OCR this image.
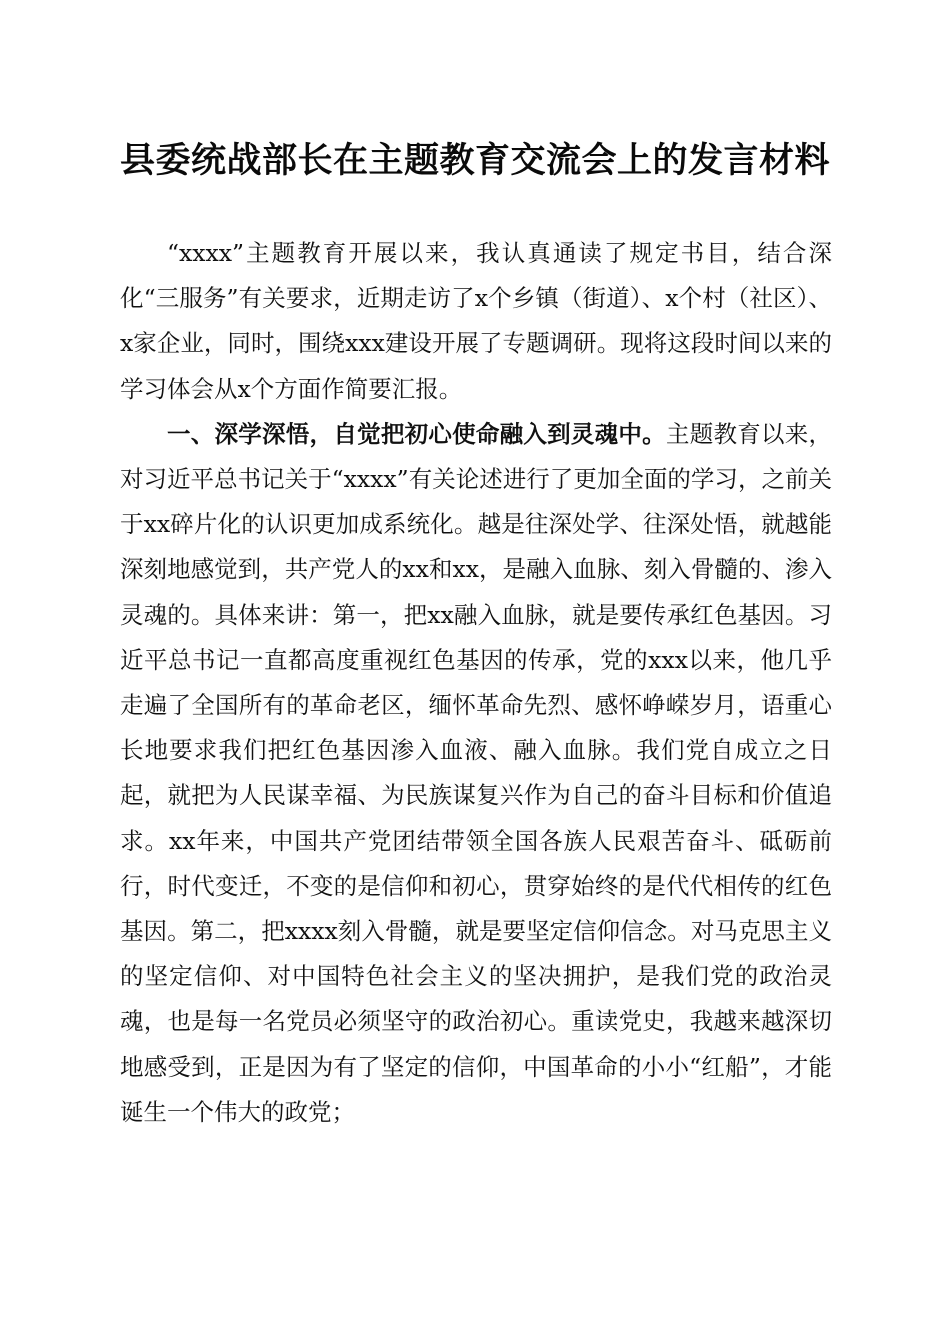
县委统战部长在主题教育交流会上的发言材料

“xxxx”主题教育开展以来，我认真通读了规定书目，结合深化“三服务”有关要求，近期走访了x个乡镇（街道）、x个村（社区）、x家企业，同时，围绕xxx建设开展了专题调研。现将这段时间以来的学习体会从x个方面作简要汇报。

一、深学深悟，自觉把初心使命融入到灵魂中。主题教育以来，对习近平总书记关于“xxxx”有关论述进行了更加全面的学习，之前关于xx碎片化的认识更加成系统化。越是往深处学、往深处悟，就越能深刻地感觉到，共产党人的xx和xx，是融入血脉、刻入骨髓的、渗入灵魂的。具体来讲：第一，把xx融入血脉，就是要传承红色基因。习近平总书记一直都高度重视红色基因的传承，党的xxx以来，他几乎走遍了全国所有的革命老区，缅怀革命先烈、感怀峥嵘岁月，语重心长地要求我们把红色基因渗入血液、融入血脉。我们党自成立之日起，就把为人民谋幸福、为民族谋复兴作为自己的奋斗目标和价值追求。xx年来，中国共产党团结带领全国各族人民艰苦奋斗、砥砺前行，时代变迁，不变的是信仰和初心，贯穿始终的是代代相传的红色基因。第二，把xxxx刻入骨髓，就是要坚定信仰信念。对马克思主义的坚定信仰、对中国特色社会主义的坚决拥护，是我们党的政治灵魂，也是每一名党员必须坚守的政治初心。重读党史，我越来越深切地感受到，正是因为有了坚定的信仰，中国革命的小小“红船”，才能诞生一个伟大的政党；
